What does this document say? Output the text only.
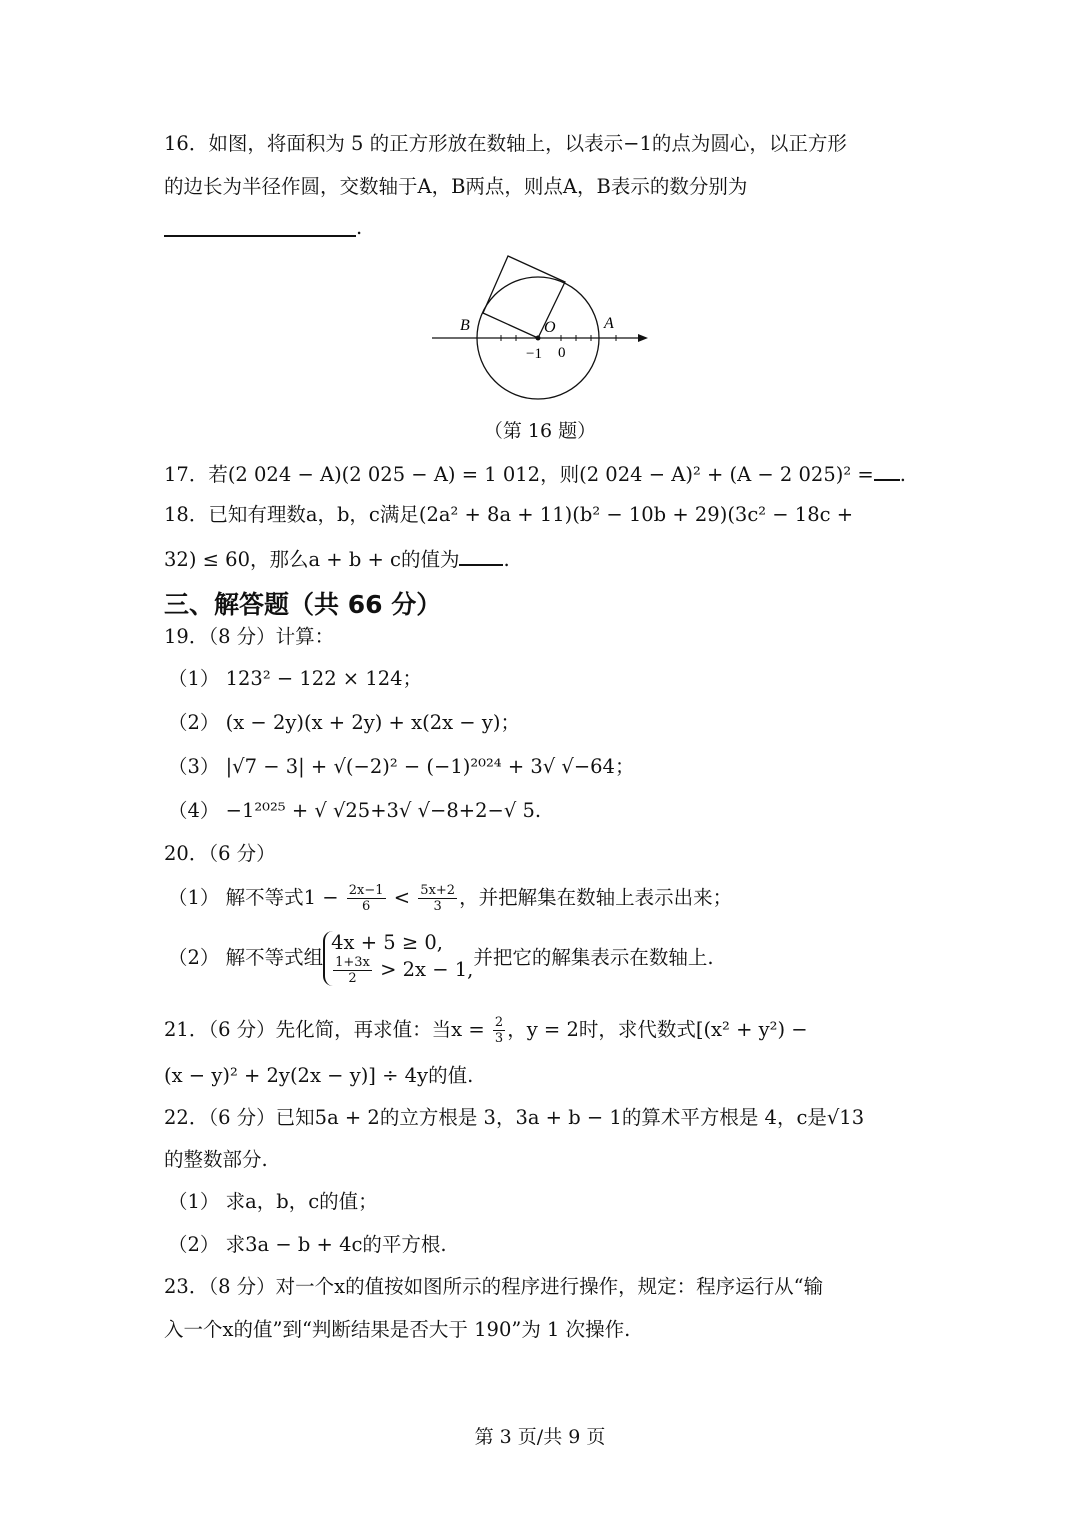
16．如图，将面积为 5 的正方形放在数轴上，以表示−1的点为圆心，以正方形
的边长为半径作圆，交数轴于A，B两点，则点A，B表示的数分别为
.
B	O	A
−1 0
（第 16 题）
17．若(2 024 − A)(2 025 − A) = 1 012，则(2 024 − A)² + (A − 2 025)² = .
18．已知有理数a，b，c满足(2a² + 8a + 11)(b² − 10b + 29)(3c² − 18c +
32) ≤ 60，那么a + b + c的值为 .
三、解答题（共 66 分）
19．（8 分）计算：
（1） 123² − 122 × 124；
（2） (x − 2y)(x + 2y) + x(2x − y)；
（3） |√7 − 3| + √(−2)² − (−1)²⁰²⁴ + 3√ √−64；
（4） −1²⁰²⁵ + √ √25+3√ √−8+2−√ 5.
20．（6 分）
（1） 解不等式$1 - \frac{2x-1}{6} < \frac{5x+2}{3}$ ，并把解集在数轴上表示出来；
（2） 解不等式组
4x + 5 ≥ 0,
$\frac{1+3x}{2} > 2x - 1$,
并把它的解集表示在数轴上.
21．（6 分）先化简，再求值：当$x = \frac{2}{3}$ ，y = 2时，求代数式[(x² + y²) −
(x − y)² + 2y(2x − y)] ÷ 4y的值.
22．（6 分）已知5a + 2的立方根是 3，3a + b − 1的算术平方根是 4，c是√13
的整数部分.
（1） 求a，b，c的值；
（2） 求3a − b + 4c的平方根.
23．（8 分）对一个x的值按如图所示的程序进行操作，规定：程序运行从“输
入一个x的值”到“判断结果是否大于 190”为 1 次操作.
第 3 页/共 9 页
